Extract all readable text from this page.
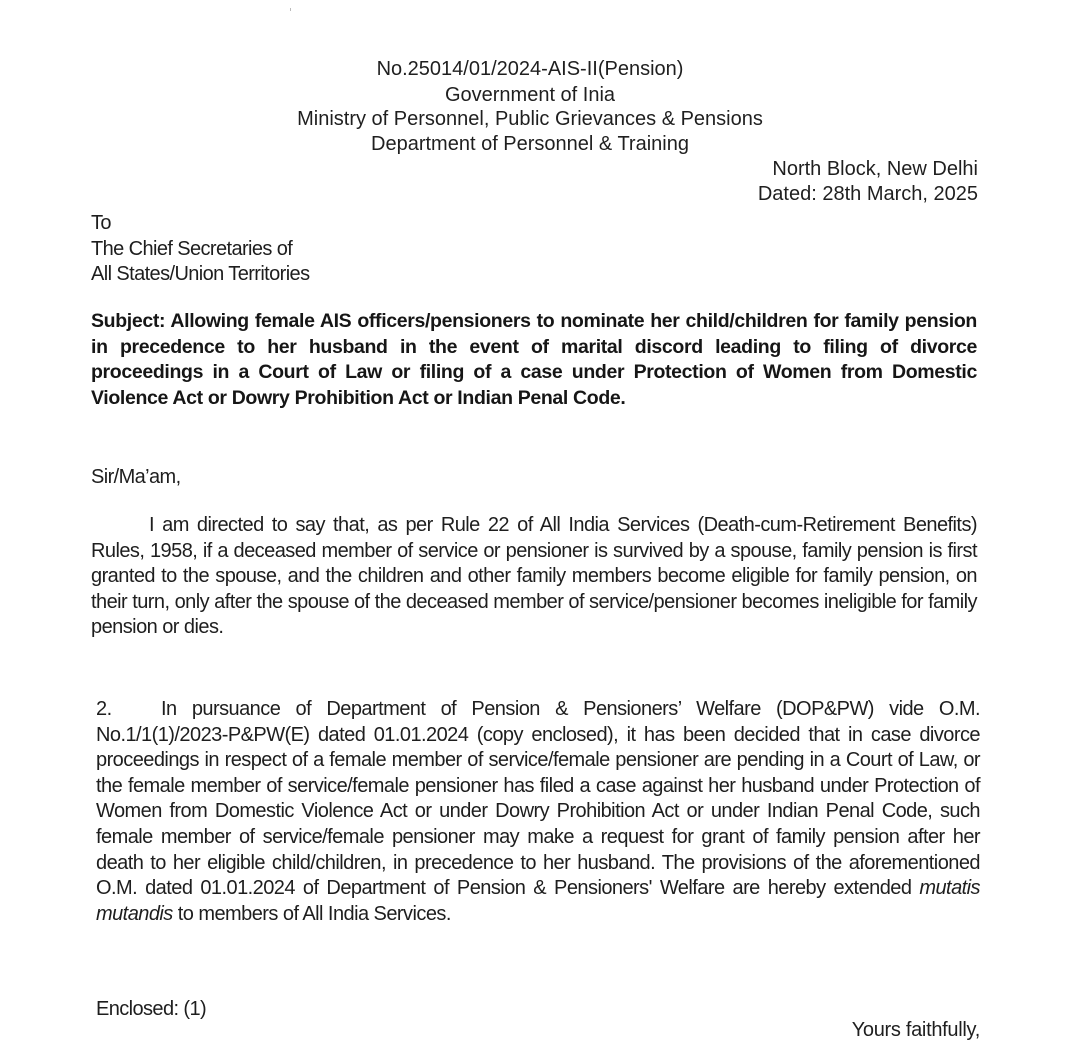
No.25014/01/2024-AIS-II(Pension)
Government of Inia
Ministry of Personnel, Public Grievances & Pensions
Department of Personnel & Training
North Block, New Delhi
Dated: 28th March, 2025
To
The Chief Secretaries of
All States/Union Territories
Subject: Allowing female AIS officers/pensioners to nominate her child/children for family pension in precedence to her husband in the event of marital discord leading to filing of divorce proceedings in a Court of Law or filing of a case under Protection of Women from Domestic Violence Act or Dowry Prohibition Act or Indian Penal Code.
Sir/Ma’am,
I am directed to say that, as per Rule 22 of All India Services (Death-cum-Retirement Benefits) Rules, 1958, if a deceased member of service or pensioner is survived by a spouse, family pension is first granted to the spouse, and the children and other family members become eligible for family pension, on their turn, only after the spouse of the deceased member of service/pensioner becomes ineligible for family pension or dies.
2. In pursuance of Department of Pension & Pensioners’ Welfare (DOP&PW) vide O.M. No.1/1(1)/2023-P&PW(E) dated 01.01.2024 (copy enclosed), it has been decided that in case divorce proceedings in respect of a female member of service/female pensioner are pending in a Court of Law, or the female member of service/female pensioner has filed a case against her husband under Protection of Women from Domestic Violence Act or under Dowry Prohibition Act or under Indian Penal Code, such female member of service/female pensioner may make a request for grant of family pension after her death to her eligible child/children, in precedence to her husband. The provisions of the aforementioned O.M. dated 01.01.2024 of Department of Pension & Pensioners' Welfare are hereby extended mutatis mutandis to members of All India Services.
Enclosed: (1)
Yours faithfully,
